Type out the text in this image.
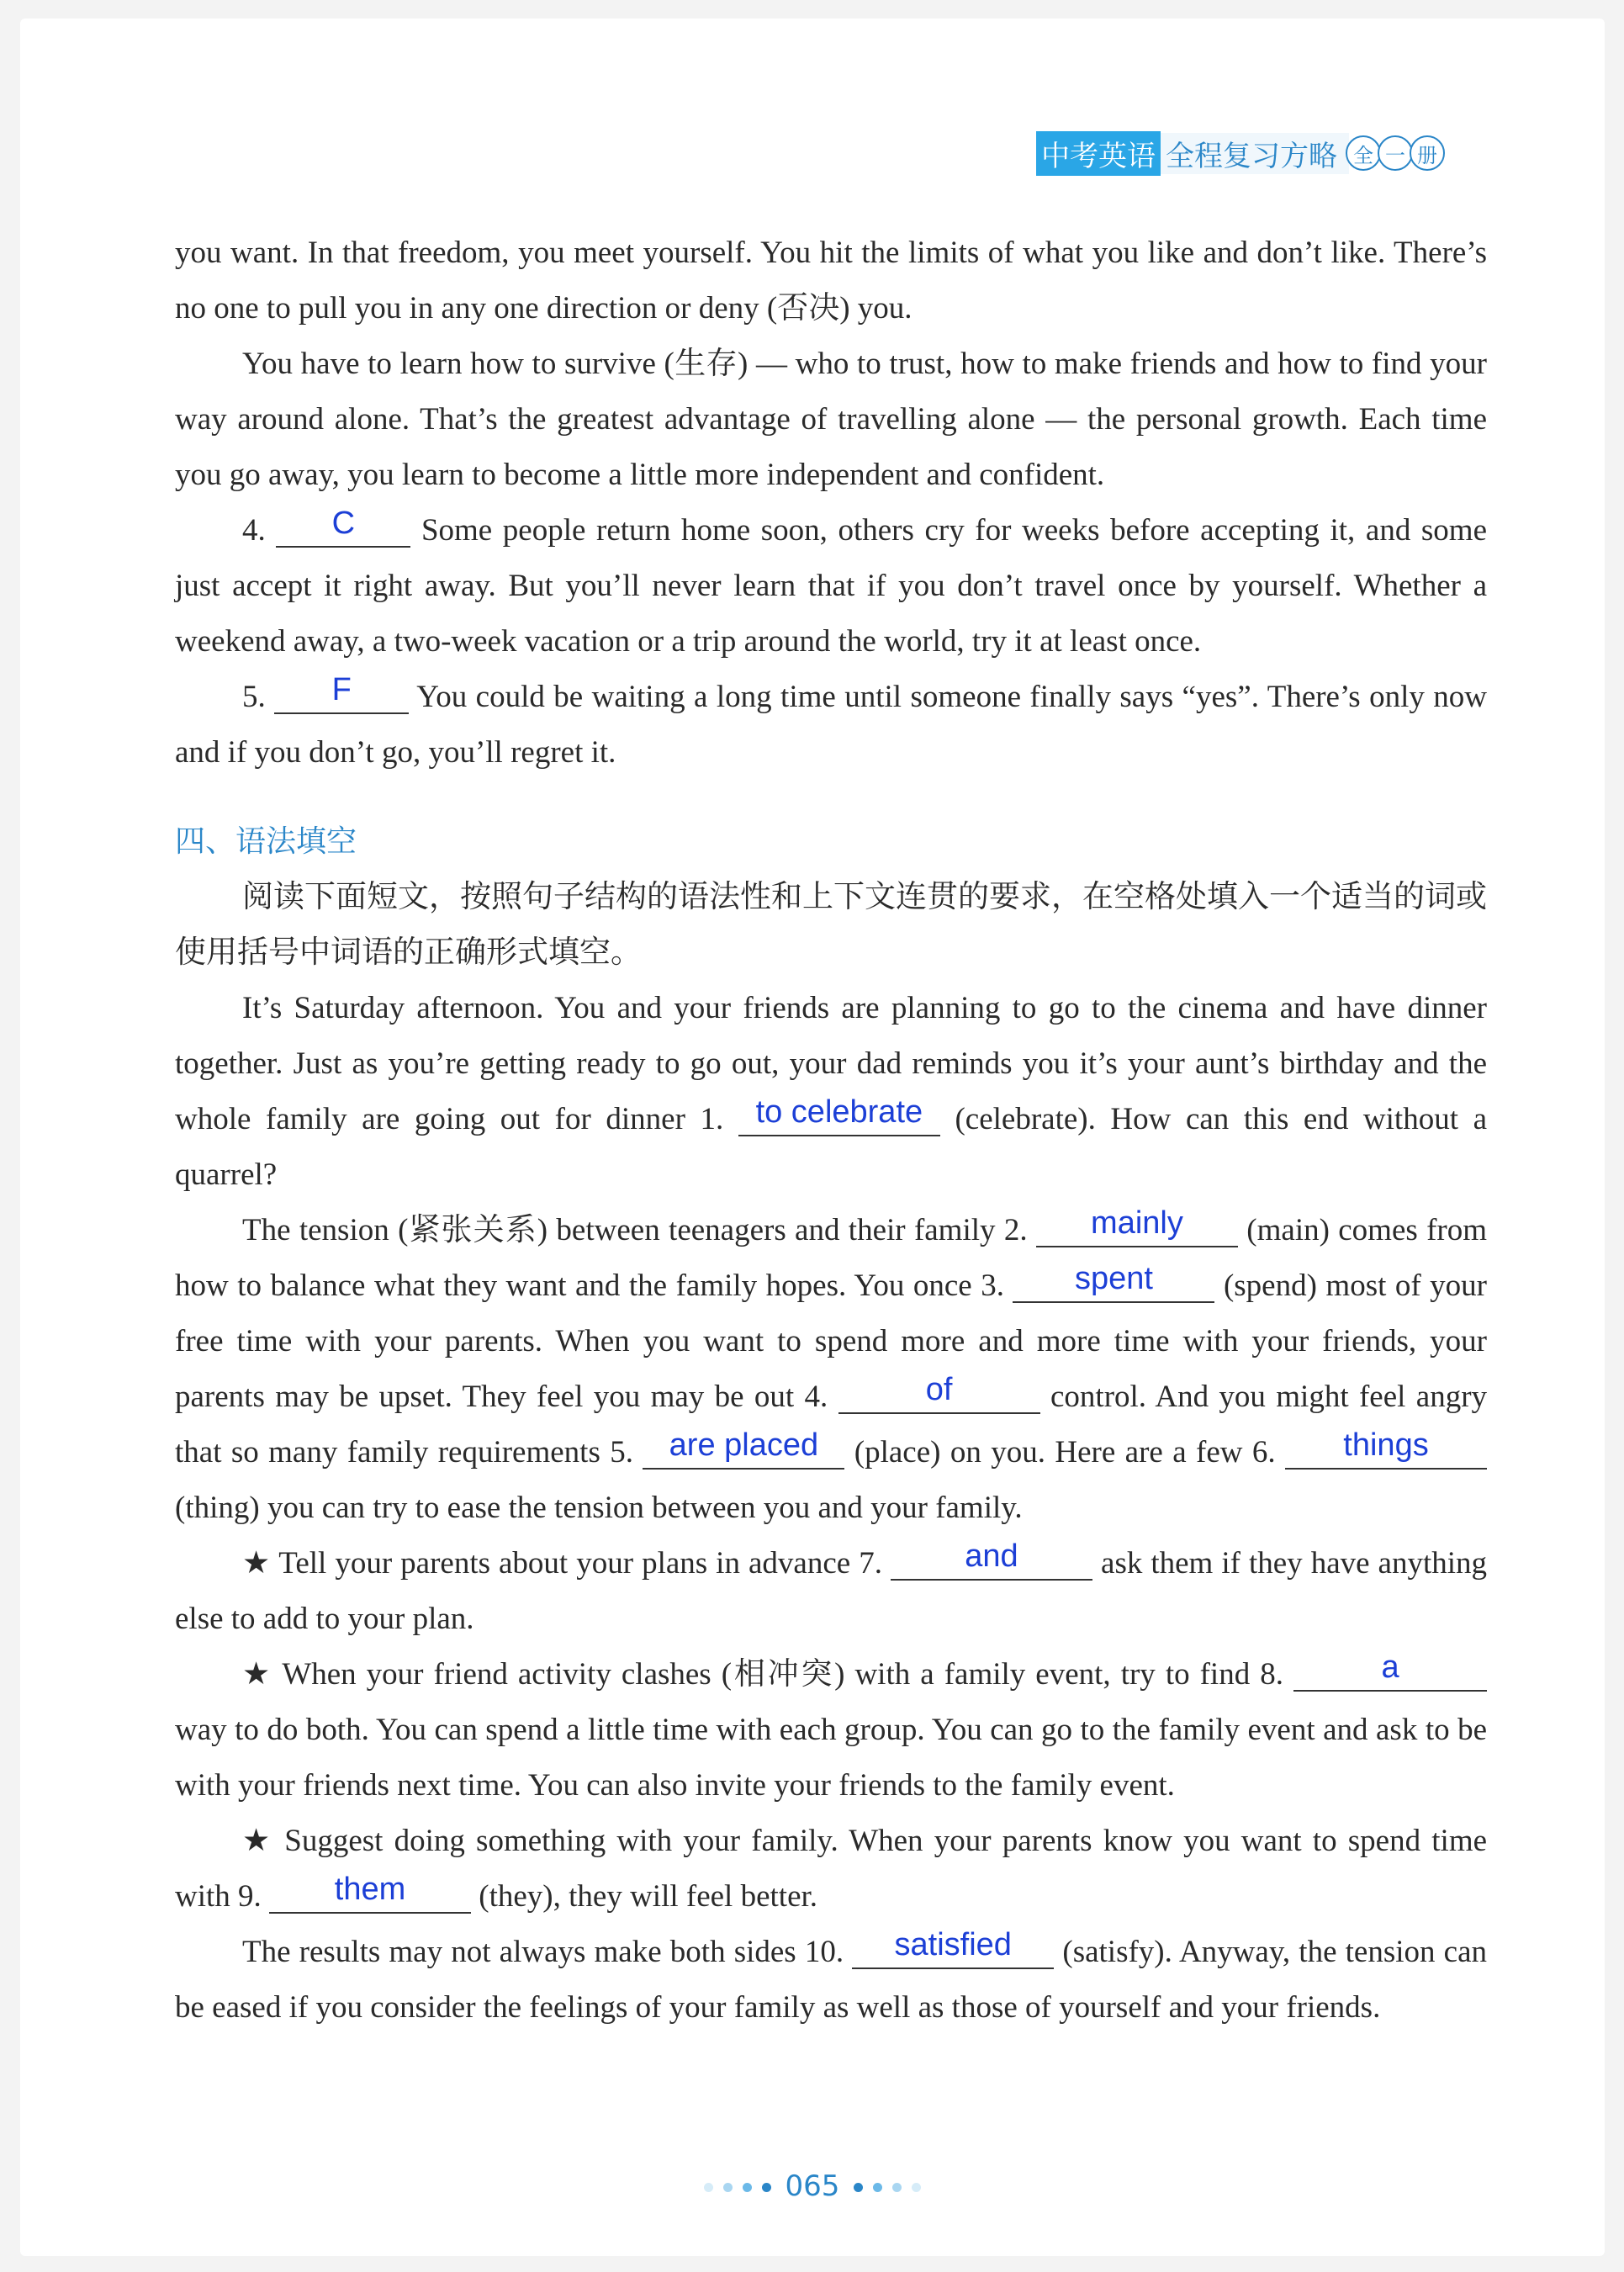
中考英语 全程复习方略 全 一 册

you want. In that freedom, you meet yourself. You hit the limits of what you like and don’t like. There’s no one to pull you in any one direction or deny (否决) you.

You have to learn how to survive (生存) — who to trust, how to make friends and how to find your way around alone. That’s the greatest advantage of travelling alone — the personal growth. Each time you go away, you learn to become a little more independent and confident.

4. C Some people return home soon, others cry for weeks before accepting it, and some just accept it right away. But you’ll never learn that if you don’t travel once by yourself. Whether a weekend away, a two-week vacation or a trip around the world, try it at least once.

5. F You could be waiting a long time until someone finally says “yes”. There’s only now and if you don’t go, you’ll regret it.

四、语法填空

阅读下面短文，按照句子结构的语法性和上下文连贯的要求，在空格处填入一个适当的词或使用括号中词语的正确形式填空。

It’s Saturday afternoon. You and your friends are planning to go to the cinema and have dinner together. Just as you’re getting ready to go out, your dad reminds you it’s your aunt’s birthday and the whole family are going out for dinner 1. to celebrate (celebrate). How can this end without a quarrel?

The tension (紧张关系) between teenagers and their family 2. mainly (main) comes from how to balance what they want and the family hopes. You once 3. spent (spend) most of your free time with your parents. When you want to spend more and more time with your friends, your parents may be upset. They feel you may be out 4.	of	control. And you might feel angry that so many family requirements 5. are placed (place) on you. Here are a few 6. things (thing) you can try to ease the tension between you and your family.

★ Tell your parents about your plans in advance 7.	and	ask them if they have anything else to add to your plan.

★ When your friend activity clashes (相冲突) with a family event, try to find 8.	a way to do both. You can spend a little time with each group. You can go to the family event and ask to be with your friends next time. You can also invite your friends to the family event.

★ Suggest doing something with your family. When your parents know you want to spend time with 9. them (they), they will feel better.

The results may not always make both sides 10. satisfied (satisfy). Anyway, the tension can be eased if you consider the feelings of your family as well as those of yourself and your friends.

065
